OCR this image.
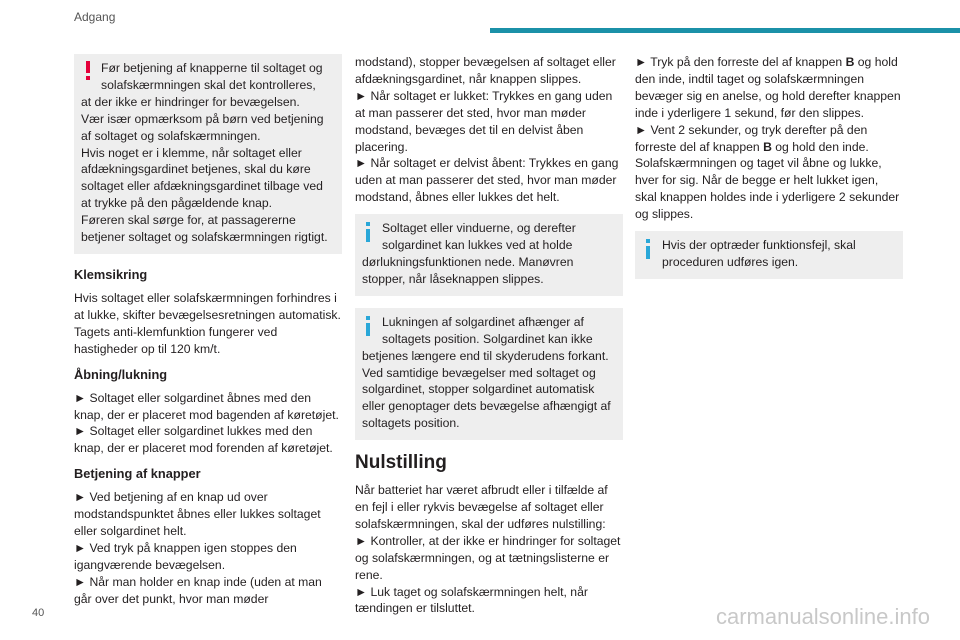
Adgang
Før betjening af knapperne til soltaget og solafskærmningen skal det kontrolleres,
at der ikke er hindringer for bevægelsen.
Vær især opmærksom på børn ved betjening af soltaget og solafskærmningen.
Hvis noget er i klemme, når soltaget eller afdækningsgardinet betjenes, skal du køre soltaget eller afdækningsgardinet tilbage ved at trykke på den pågældende knap.
Føreren skal sørge for, at passagererne betjener soltaget og solafskærmningen rigtigt.
Klemsikring
Hvis soltaget eller solafskærmningen forhindres i at lukke, skifter bevægelsesretningen automatisk.
Tagets anti-klemfunktion fungerer ved hastigheder op til 120 km/t.
Åbning/lukning
► Soltaget eller solgardinet åbnes med den knap, der er placeret mod bagenden af køretøjet.
► Soltaget eller solgardinet lukkes med den knap, der er placeret mod forenden af køretøjet.
Betjening af knapper
► Ved betjening af en knap ud over modstandspunktet åbnes eller lukkes soltaget eller solgardinet helt.
► Ved tryk på knappen igen stoppes den igangværende bevægelsen.
► Når man holder en knap inde (uden at man går over det punkt, hvor man møder
modstand), stopper bevægelsen af soltaget eller afdækningsgardinet, når knappen slippes.
► Når soltaget er lukket: Trykkes en gang uden at man passerer det sted, hvor man møder modstand, bevæges det til en delvist åben placering.
► Når soltaget er delvist åbent: Trykkes en gang uden at man passerer det sted, hvor man møder modstand, åbnes eller lukkes det helt.
Soltaget eller vinduerne, og derefter solgardinet kan lukkes ved at holde
dørlukningsfunktionen nede. Manøvren stopper, når låseknappen slippes.
Lukningen af solgardinet afhænger af soltagets position. Solgardinet kan ikke
betjenes længere end til skyderudens forkant.
Ved samtidige bevægelser med soltaget og solgardinet, stopper solgardinet automatisk eller genoptager dets bevægelse afhængigt af soltagets position.
Nulstilling
Når batteriet har været afbrudt eller i tilfælde af en fejl i eller rykvis bevægelse af soltaget eller solafskærmningen, skal der udføres nulstilling:
► Kontroller, at der ikke er hindringer for soltaget og solafskærmningen, og at tætningslisterne er rene.
► Luk taget og solafskærmningen helt, når tændingen er tilsluttet.
► Tryk på den forreste del af knappen B og hold den inde, indtil taget og solafskærmningen bevæger sig en anelse, og hold derefter knappen inde i yderligere 1 sekund, før den slippes.
► Vent 2 sekunder, og tryk derefter på den forreste del af knappen B og hold den inde.
Solafskærmningen og taget vil åbne og lukke, hver for sig. Når de begge er helt lukket igen, skal knappen holdes inde i yderligere 2 sekunder og slippes.
Hvis der optræder funktionsfejl, skal proceduren udføres igen.
40	carmanualsonline.info
